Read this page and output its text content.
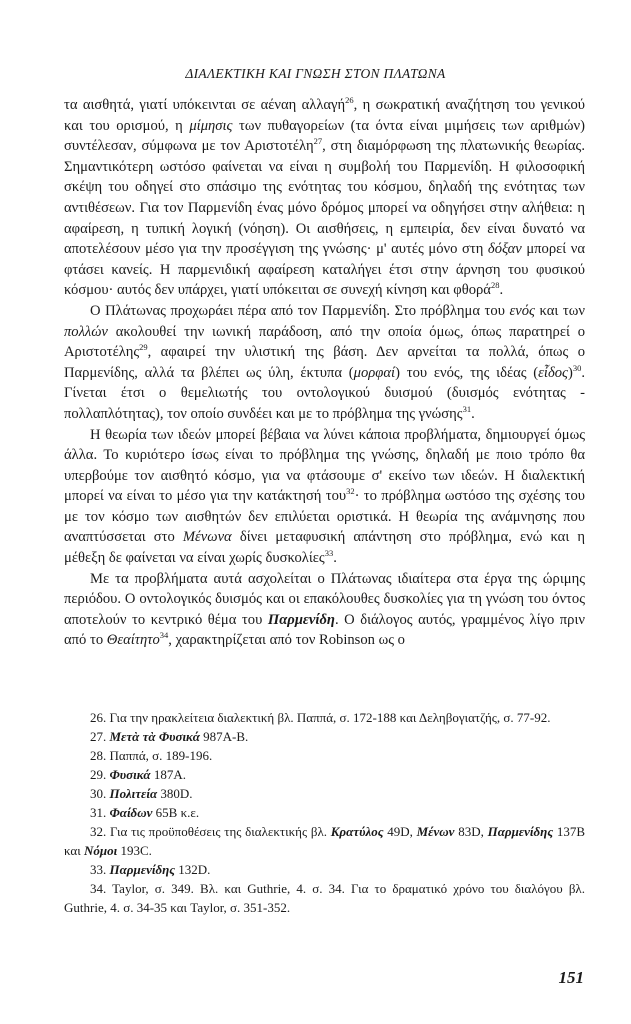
ΔΙΑΛΕΚΤΙΚΗ ΚΑΙ ΓΝΩΣΗ ΣΤΟΝ ΠΛΑΤΩΝΑ

τα αισθητά, γιατί υπόκεινται σε αέναη αλλαγή$^{26}$, η σωκρατική αναζήτηση του γενικού και του ορισμού, η μίμησις των πυθαγορείων (τα όντα είναι μιμήσεις των αριθμών) συντέλεσαν, σύμφωνα με τον Αριστοτέλη$^{27}$, στη διαμόρφωση της πλατωνικής θεωρίας. Σημαντικότερη ωστόσο φαίνεται να είναι η συμβολή του Παρμενίδη. Η φιλοσοφική σκέψη του οδηγεί στο σπάσιμο της ενότητας του κόσμου, δηλαδή της ενότητας των αντιθέσεων. Για τον Παρμενίδη ένας μόνο δρόμος μπορεί να οδηγήσει στην αλήθεια: η αφαίρεση, η τυπική λογική (νόηση). Οι αισθήσεις, η εμπειρία, δεν είναι δυνατό να αποτελέσουν μέσο για την προσέγγιση της γνώσης· μ' αυτές μόνο στη δόξαν μπορεί να φτάσει κανείς. Η παρμενιδική αφαίρεση καταλήγει έτσι στην άρνηση του φυσικού κόσμου· αυτός δεν υπάρχει, γιατί υπόκειται σε συνεχή κίνηση και φθορά$^{28}$.

Ο Πλάτωνας προχωράει πέρα από τον Παρμενίδη. Στο πρόβλημα του ενός και των πολλών ακολουθεί την ιωνική παράδοση, από την οποία όμως, όπως παρατηρεί ο Αριστοτέλης$^{29}$, αφαιρεί την υλιστική της βάση. Δεν αρνείται τα πολλά, όπως ο Παρμενίδης, αλλά τα βλέπει ως ύλη, έκτυπα (μορφαί) του ενός, της ιδέας (εἶδος)$^{30}$. Γίνεται έτσι ο θεμελιωτής του οντολογικού δυισμού (δυισμός ενότητας - πολλαπλότητας), τον οποίο συνδέει και με το πρόβλημα της γνώσης$^{31}$.

Η θεωρία των ιδεών μπορεί βέβαια να λύνει κάποια προβλήματα, δημιουργεί όμως άλλα. Το κυριότερο ίσως είναι το πρόβλημα της γνώσης, δηλαδή με ποιο τρόπο θα υπερβούμε τον αισθητό κόσμο, για να φτάσουμε σ' εκείνο των ιδεών. Η διαλεκτική μπορεί να είναι το μέσο για την κατάκτησή του$^{32}$· το πρόβλημα ωστόσο της σχέσης του με τον κόσμο των αισθητών δεν επιλύεται οριστικά. Η θεωρία της ανάμνησης που αναπτύσσεται στο Μένωνα δίνει μεταφυσική απάντηση στο πρόβλημα, ενώ και η μέθεξη δε φαίνεται να είναι χωρίς δυσκολίες$^{33}$.

Με τα προβλήματα αυτά ασχολείται ο Πλάτωνας ιδιαίτερα στα έργα της ώριμης περιόδου. Ο οντολογικός δυισμός και οι επακόλουθες δυσκολίες για τη γνώση του όντος αποτελούν το κεντρικό θέμα του Παρμενίδη. Ο διάλογος αυτός, γραμμένος λίγο πριν από το Θεαίτητο$^{34}$, χαρακτηρίζεται από τον Robinson ως ο

26. Για την ηρακλείτεια διαλεκτική βλ. Παππά, σ. 172-188 και Δεληβογιατζής, σ. 77-92.

27. Μετὰ τὰ Φυσικά 987A-B.

28. Παππά, σ. 189-196.

29. Φυσικά 187A.

30. Πολιτεία 380D.

31. Φαίδων 65B κ.ε.

32. Για τις προϋποθέσεις της διαλεκτικής βλ. Κρατύλος 49D, Μένων 83D, Παρμενίδης 137B και Νόμοι 193C.

33. Παρμενίδης 132D.

34. Taylor, σ. 349. Βλ. και Guthrie, 4. σ. 34. Για το δραματικό χρόνο του διαλόγου βλ. Guthrie, 4. σ. 34-35 και Taylor, σ. 351-352.

151
